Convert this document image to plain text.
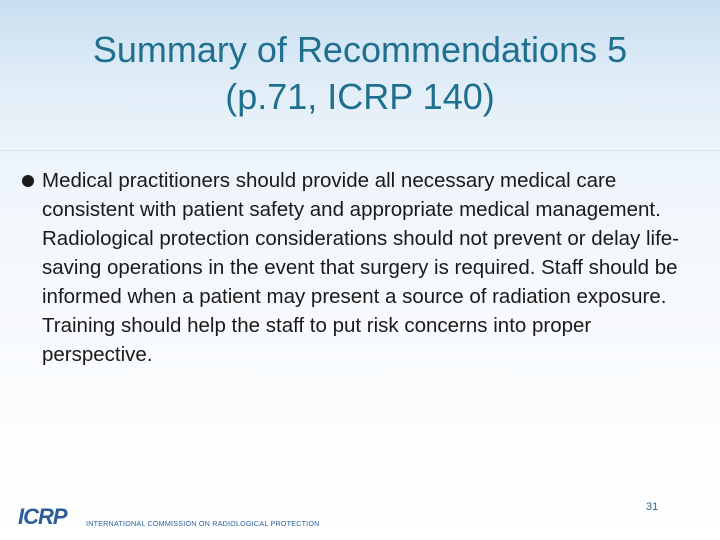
Summary of Recommendations 5
(p.71, ICRP 140)
Medical practitioners should provide all necessary medical care consistent with patient safety and appropriate medical management. Radiological protection considerations should not prevent or delay life-saving operations in the event that surgery is required. Staff should be informed when a patient may present a source of radiation exposure. Training should help the staff to put risk concerns into proper perspective.
31
ICRP	INTERNATIONAL COMMISSION ON RADIOLOGICAL PROTECTION
